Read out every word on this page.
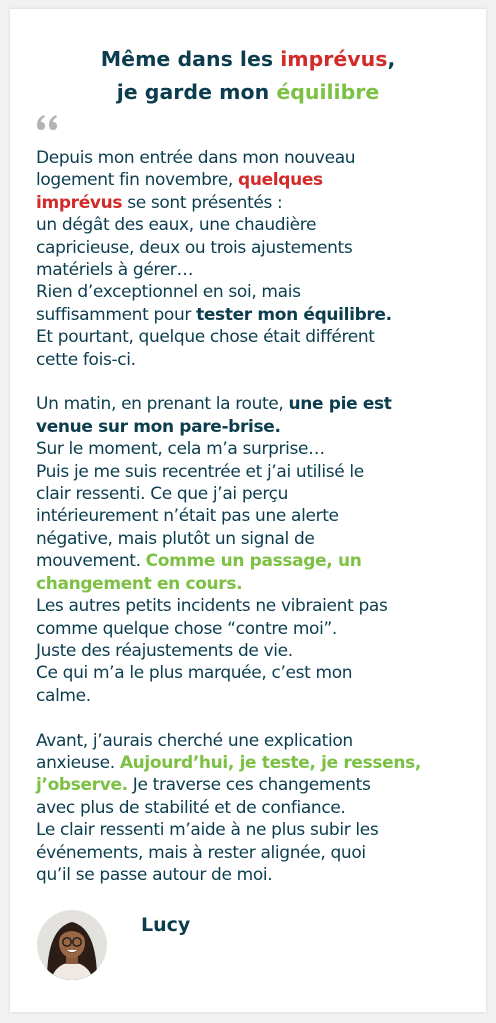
Même dans les imprévus,
je garde mon équilibre

Depuis mon entrée dans mon nouveau
logement fin novembre, quelques
imprévus se sont présentés :
un dégât des eaux, une chaudière
capricieuse, deux ou trois ajustements
matériels à gérer…
Rien d’exceptionnel en soi, mais
suffisamment pour tester mon équilibre.
Et pourtant, quelque chose était différent
cette fois-ci.

Un matin, en prenant la route, une pie est
venue sur mon pare-brise.
Sur le moment, cela m’a surprise…
Puis je me suis recentrée et j’ai utilisé le
clair ressenti. Ce que j’ai perçu
intérieurement n’était pas une alerte
négative, mais plutôt un signal de
mouvement. Comme un passage, un
changement en cours.
Les autres petits incidents ne vibraient pas
comme quelque chose “contre moi”.
Juste des réajustements de vie.
Ce qui m’a le plus marquée, c’est mon
calme.

Avant, j’aurais cherché une explication
anxieuse. Aujourd’hui, je teste, je ressens,
j’observe. Je traverse ces changements
avec plus de stabilité et de confiance.
Le clair ressenti m’aide à ne plus subir les
événements, mais à rester alignée, quoi
qu’il se passe autour de moi.

Lucy
